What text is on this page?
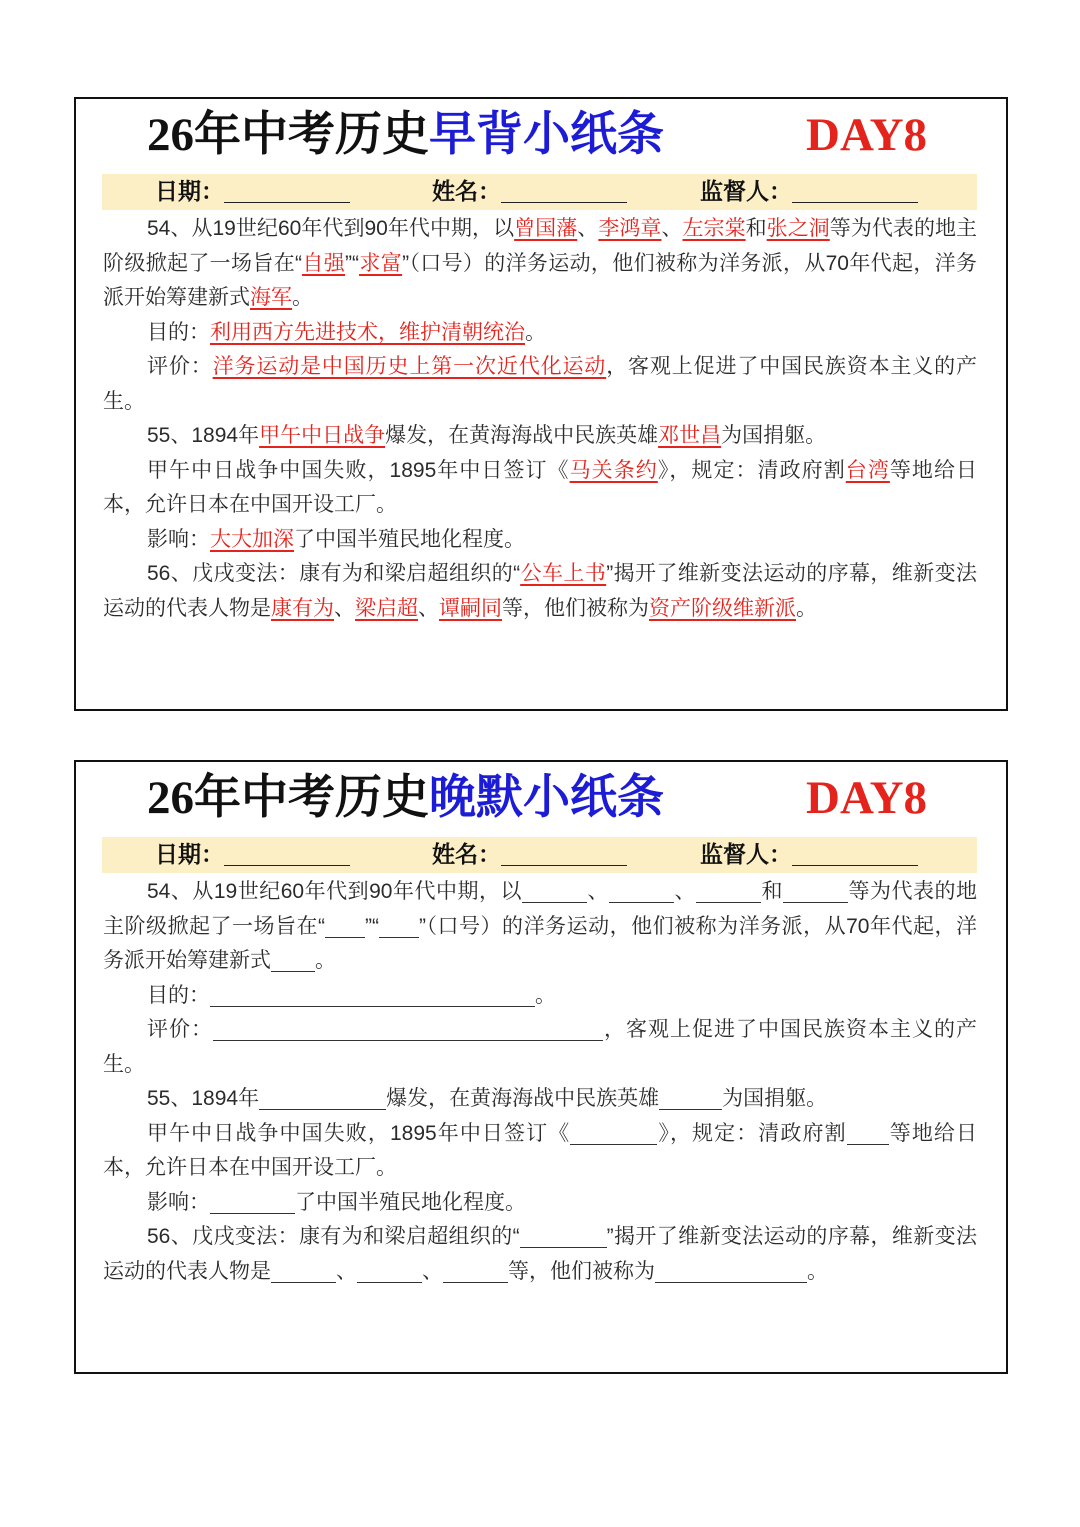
26年中考历史早背小纸条	DAY8
日期：	姓名：	监督人：

54、从19世纪60年代到90年代中期，以曾国藩、李鸿章、左宗棠和张之洞等为代表的地主阶级掀起了一场旨在“自强”“求富”（口号）的洋务运动，他们被称为洋务派，从70年代起，洋务派开始筹建新式海军。

目的：利用西方先进技术，维护清朝统治。

评价：洋务运动是中国历史上第一次近代化运动，客观上促进了中国民族资本主义的产生。

55、1894年甲午中日战争爆发，在黄海海战中民族英雄邓世昌为国捐躯。

甲午中日战争中国失败，1895年中日签订《马关条约》，规定：清政府割台湾等地给日本，允许日本在中国开设工厂。

影响：大大加深了中国半殖民地化程度。

56、戊戌变法：康有为和梁启超组织的“公车上书”揭开了维新变法运动的序幕，维新变法运动的代表人物是康有为、梁启超、谭嗣同等，他们被称为资产阶级维新派。

26年中考历史晚默小纸条	DAY8
日期：	姓名：	监督人：

54、从19世纪60年代到90年代中期，以	、	、	和	等为代表的地主阶级掀起了一场旨在“ ”“ ”（口号）的洋务运动，他们被称为洋务派，从70年代起，洋务派开始筹建新式 。

目的：	。

评价：	，客观上促进了中国民族资本主义的产生。

55、1894年	爆发，在黄海海战中民族英雄	为国捐躯。

甲午中日战争中国失败，1895年中日签订《	》，规定：清政府割 等地给日本，允许日本在中国开设工厂。

影响：	了中国半殖民地化程度。

56、戊戌变法：康有为和梁启超组织的“	”揭开了维新变法运动的序幕，维新变法运动的代表人物是	、	、	等，他们被称为	。
